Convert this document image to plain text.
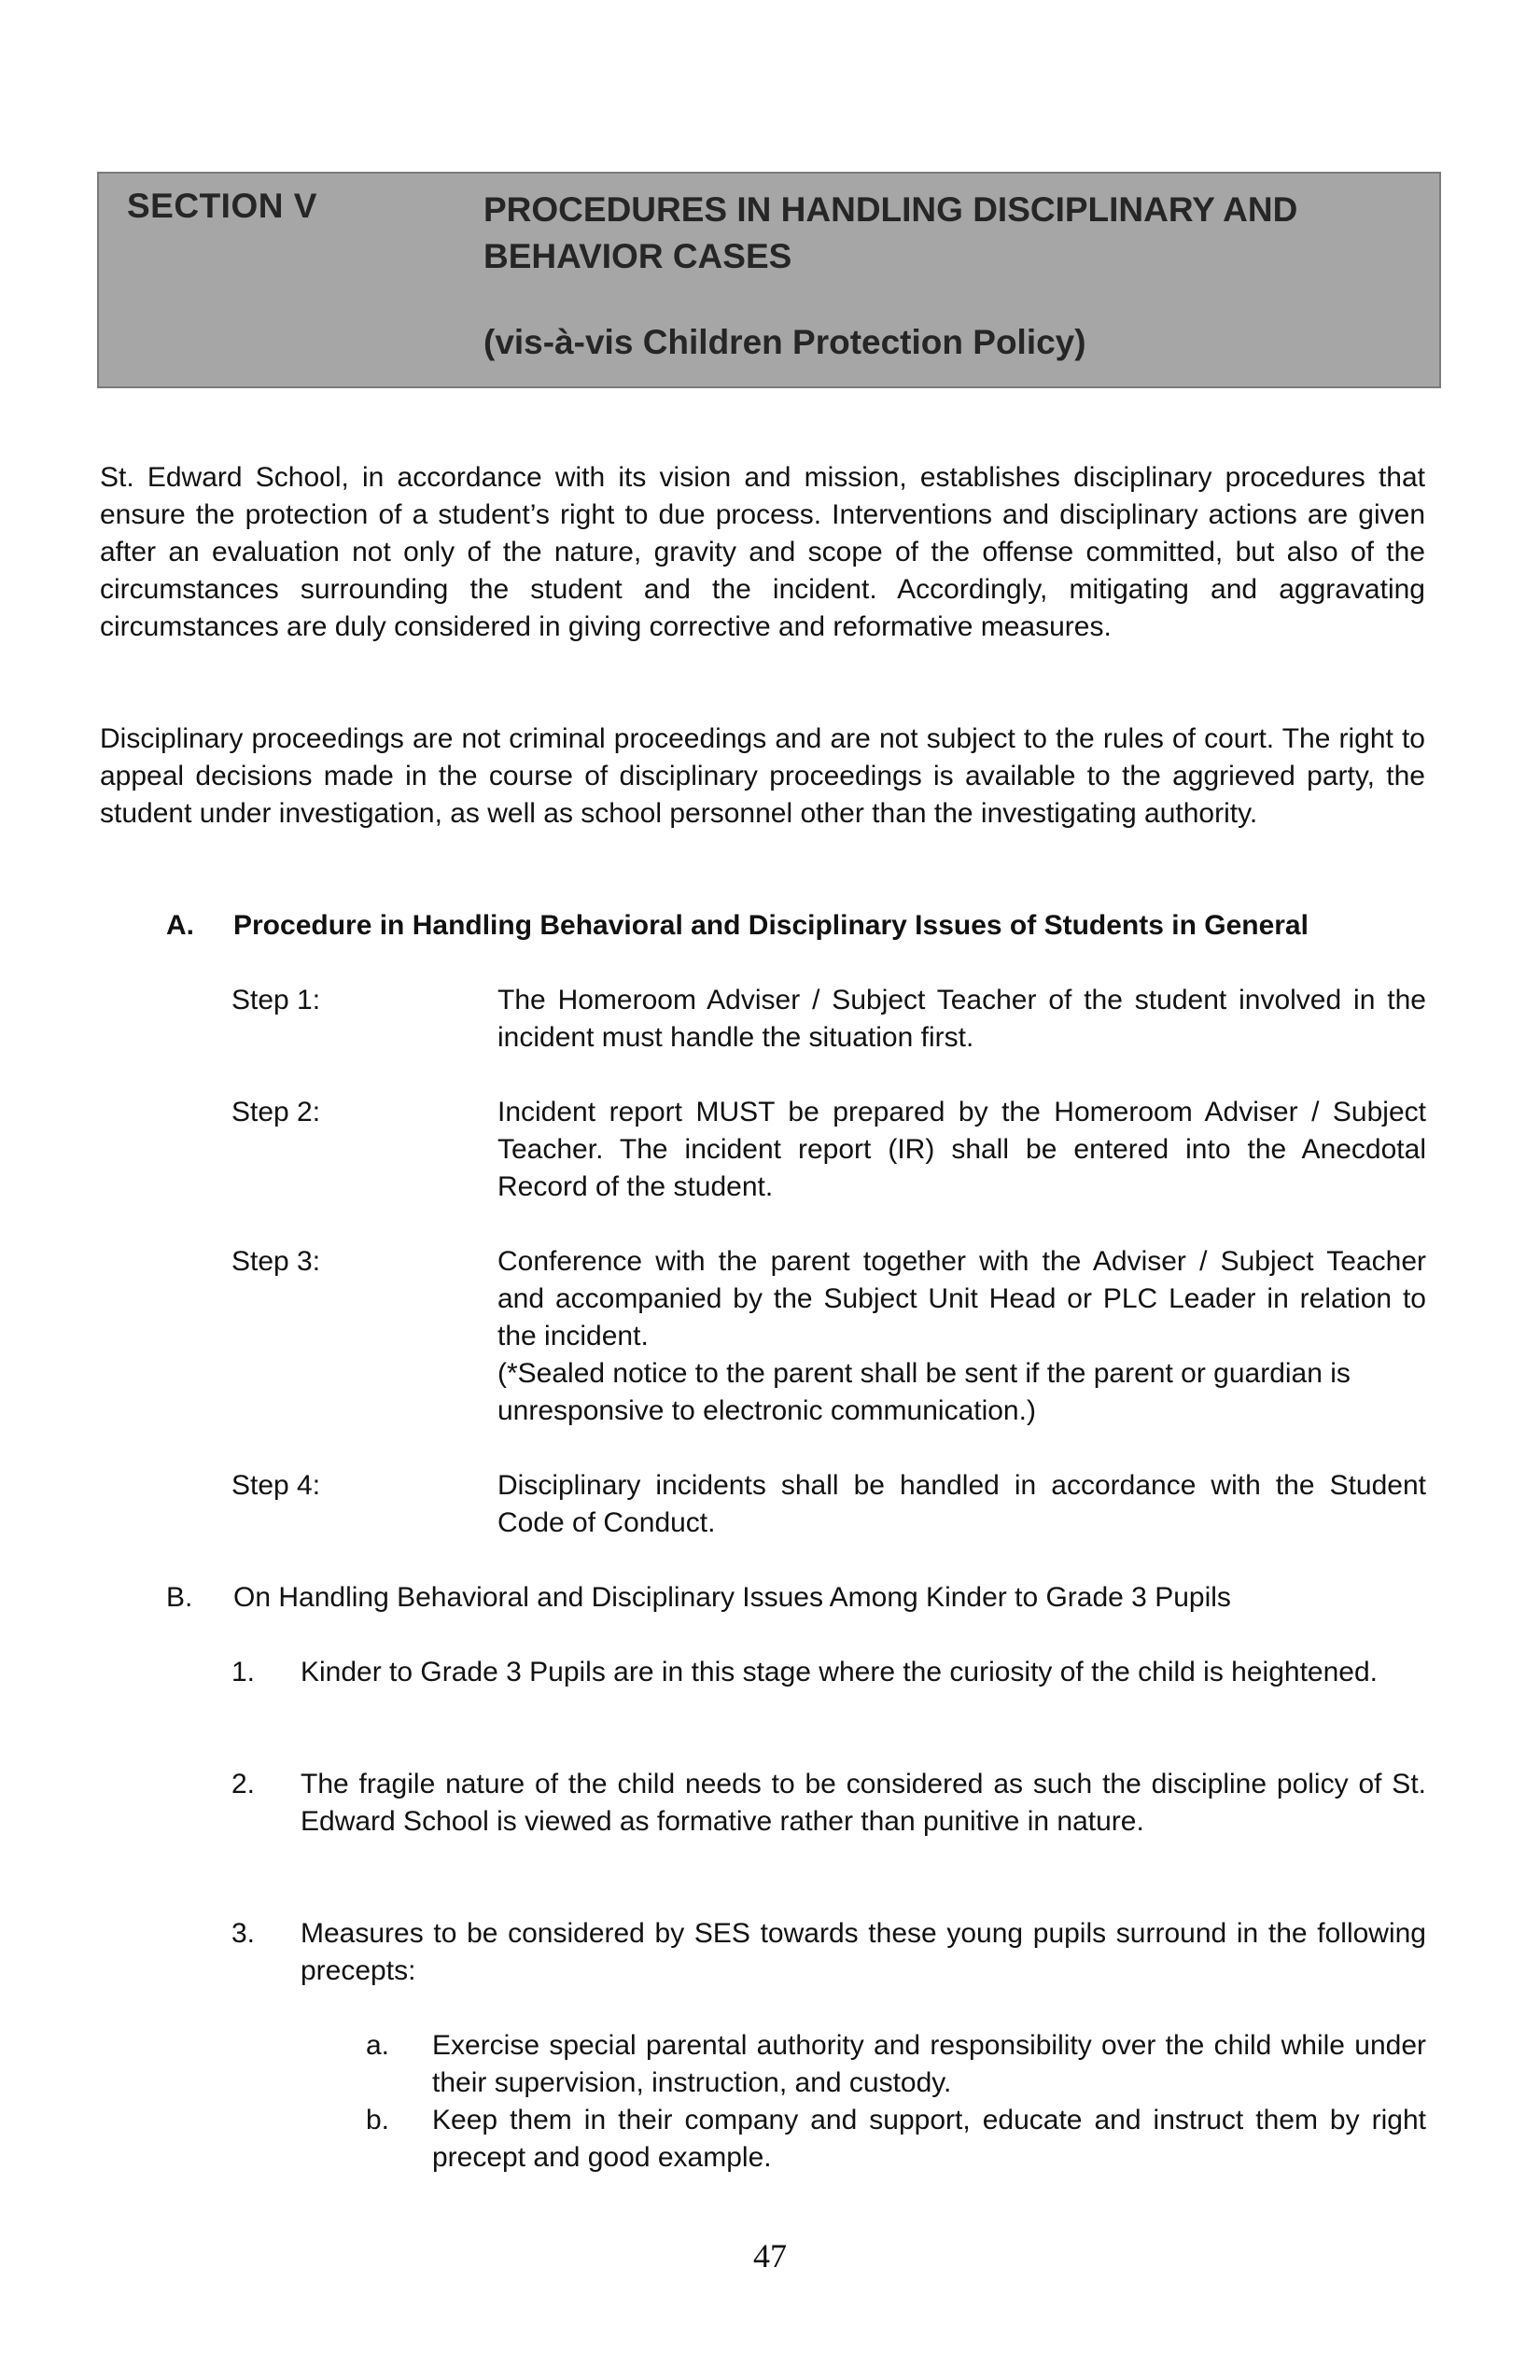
SECTION V	PROCEDURES IN HANDLING DISCIPLINARY AND BEHAVIOR CASES
(vis-à-vis Children Protection Policy)

St. Edward School, in accordance with its vision and mission, establishes disciplinary procedures that ensure the protection of a student’s right to due process. Interventions and disciplinary actions are given after an evaluation not only of the nature, gravity and scope of the offense committed, but also of the circumstances surrounding the student and the incident. Accordingly, mitigating and aggravating circumstances are duly considered in giving corrective and reformative measures.

Disciplinary proceedings are not criminal proceedings and are not subject to the rules of court. The right to appeal decisions made in the course of disciplinary proceedings is available to the aggrieved party, the student under investigation, as well as school personnel other than the investigating authority.

A. Procedure in Handling Behavioral and Disciplinary Issues of Students in General
Step 1:	The Homeroom Adviser / Subject Teacher of the student involved in the incident must handle the situation first.

Step 2:	Incident report MUST be prepared by the Homeroom Adviser / Subject Teacher. The incident report (IR) shall be entered into the Anecdotal Record of the student.

Step 3:	Conference with the parent together with the Adviser / Subject Teacher and accompanied by the Subject Unit Head or PLC Leader in relation to the incident.
(*Sealed notice to the parent shall be sent if the parent or guardian is unresponsive to electronic communication.)
Step 4:	Disciplinary incidents shall be handled in accordance with the Student Code of Conduct.

B. On Handling Behavioral and Disciplinary Issues Among Kinder to Grade 3 Pupils
1. Kinder to Grade 3 Pupils are in this stage where the curiosity of the child is heightened.

2. The fragile nature of the child needs to be considered as such the discipline policy of St. Edward School is viewed as formative rather than punitive in nature.

3. Measures to be considered by SES towards these young pupils surround in the following precepts:

a. Exercise special parental authority and responsibility over the child while under their supervision, instruction, and custody.

b. Keep them in their company and support, educate and instruct them by right precept and good example.

47
